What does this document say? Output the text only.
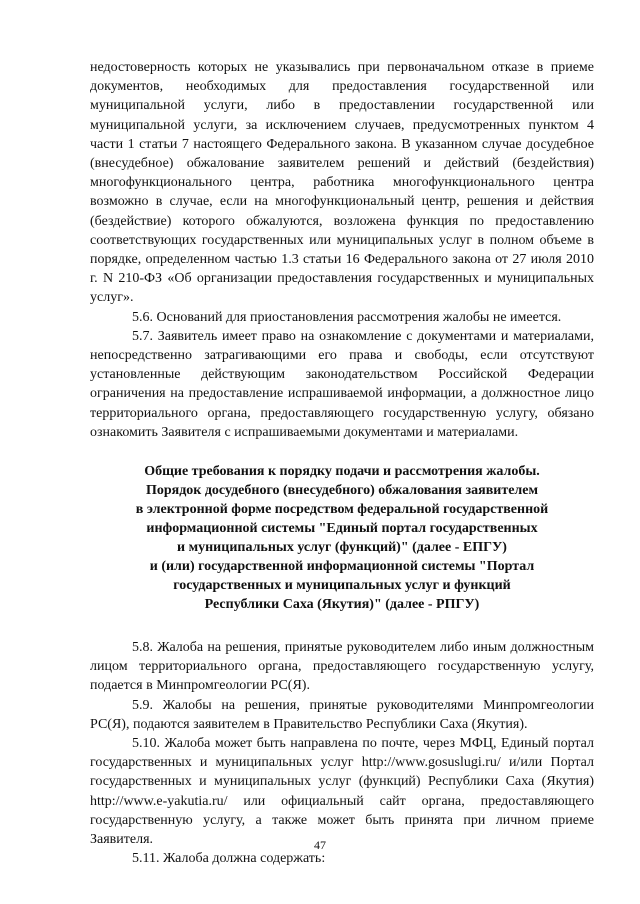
недостоверность которых не указывались при первоначальном отказе в приеме документов, необходимых для предоставления государственной или муниципальной услуги, либо в предоставлении государственной или муниципальной услуги, за исключением случаев, предусмотренных пунктом 4 части 1 статьи 7 настоящего Федерального закона. В указанном случае досудебное (внесудебное) обжалование заявителем решений и действий (бездействия) многофункционального центра, работника многофункционального центра возможно в случае, если на многофункциональный центр, решения и действия (бездействие) которого обжалуются, возложена функция по предоставлению соответствующих государственных или муниципальных услуг в полном объеме в порядке, определенном частью 1.3 статьи 16 Федерального закона от 27 июля 2010 г. N 210-ФЗ «Об организации предоставления государственных и муниципальных услуг».

5.6. Оснований для приостановления рассмотрения жалобы не имеется.

5.7. Заявитель имеет право на ознакомление с документами и материалами, непосредственно затрагивающими его права и свободы, если отсутствуют установленные действующим законодательством Российской Федерации ограничения на предоставление испрашиваемой информации, а должностное лицо территориального органа, предоставляющего государственную услугу, обязано ознакомить Заявителя с испрашиваемыми документами и материалами.

Общие требования к порядку подачи и рассмотрения жалобы.
Порядок досудебного (внесудебного) обжалования заявителем
в электронной форме посредством федеральной государственной
информационной системы "Единый портал государственных
и муниципальных услуг (функций)" (далее - ЕПГУ)
и (или) государственной информационной системы "Портал
государственных и муниципальных услуг и функций
Республики Саха (Якутия)" (далее - РПГУ)

5.8. Жалоба на решения, принятые руководителем либо иным должностным лицом территориального органа, предоставляющего государственную услугу, подается в Минпромгеологии РС(Я).

5.9. Жалобы на решения, принятые руководителями Минпромгеологии РС(Я), подаются заявителем в Правительство Республики Саха (Якутия).

5.10. Жалоба может быть направлена по почте, через МФЦ, Единый портал государственных и муниципальных услуг http://www.gosuslugi.ru/ и/или Портал государственных и муниципальных услуг (функций) Республики Саха (Якутия) http://www.e-yakutia.ru/ или официальный сайт органа, предоставляющего государственную услугу, а также может быть принята при личном приеме Заявителя.

5.11. Жалоба должна содержать:

47
